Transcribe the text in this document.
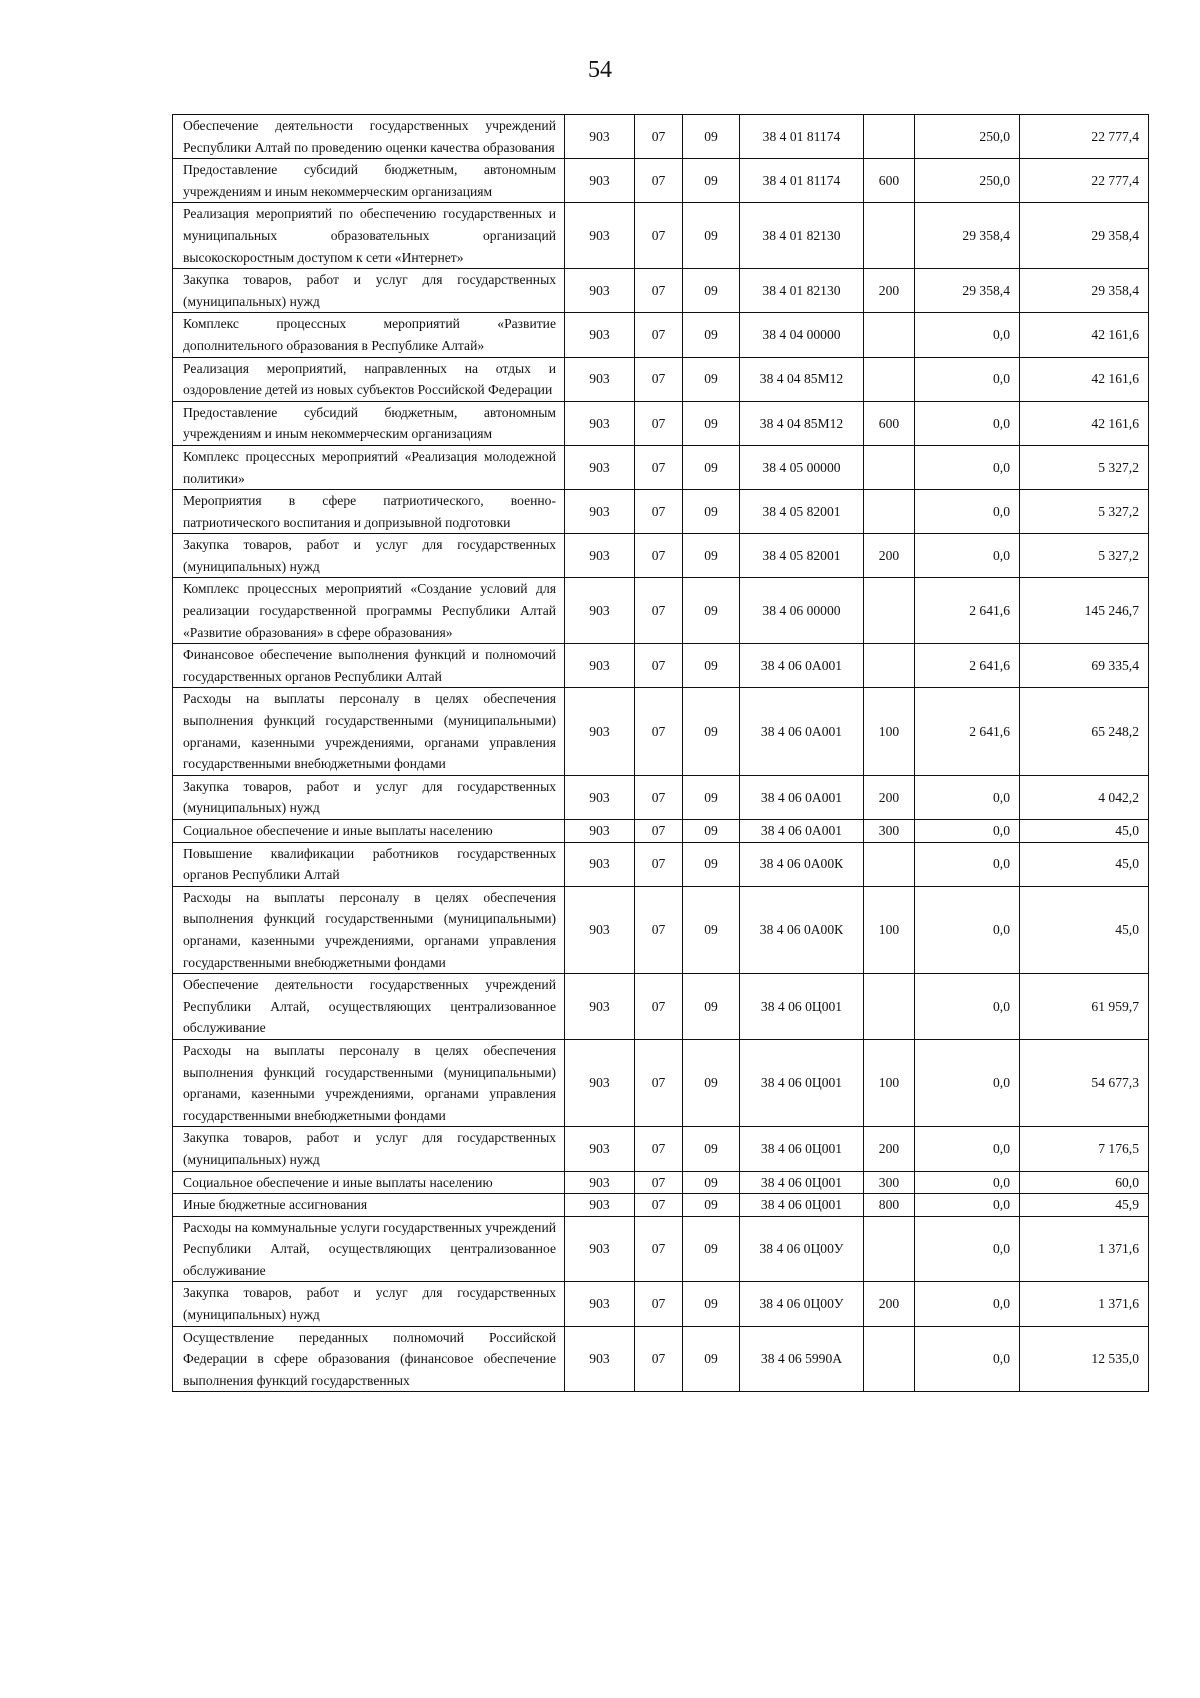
54
Обеспечение деятельности государственных учреждений Республики Алтай по проведению оценки качества образования	903	07	09	38 4 01 81174		250,0	22 777,4
Предоставление субсидий бюджетным, автономным учреждениям и иным некоммерческим организациям	903	07	09	38 4 01 81174	600	250,0	22 777,4
Реализация мероприятий по обеспечению государственных и муниципальных образовательных организаций высокоскоростным доступом к сети «Интернет»	903	07	09	38 4 01 82130		29 358,4	29 358,4
Закупка товаров, работ и услуг для государственных (муниципальных) нужд	903	07	09	38 4 01 82130	200	29 358,4	29 358,4
Комплекс процессных мероприятий «Развитие дополнительного образования в Республике Алтай»	903	07	09	38 4 04 00000		0,0	42 161,6
Реализация мероприятий, направленных на отдых и оздоровление детей из новых субъектов Российской Федерации	903	07	09	38 4 04 85М12		0,0	42 161,6
Предоставление субсидий бюджетным, автономным учреждениям и иным некоммерческим организациям	903	07	09	38 4 04 85М12	600	0,0	42 161,6
Комплекс процессных мероприятий «Реализация молодежной политики»	903	07	09	38 4 05 00000		0,0	5 327,2
Мероприятия в сфере патриотического, военно-патриотического воспитания и допризывной подготовки	903	07	09	38 4 05 82001		0,0	5 327,2
Закупка товаров, работ и услуг для государственных (муниципальных) нужд	903	07	09	38 4 05 82001	200	0,0	5 327,2
Комплекс процессных мероприятий «Создание условий для реализации государственной программы Республики Алтай «Развитие образования» в сфере образования»	903	07	09	38 4 06 00000		2 641,6	145 246,7
Финансовое обеспечение выполнения функций и полномочий государственных органов Республики Алтай	903	07	09	38 4 06 0А001		2 641,6	69 335,4
Расходы на выплаты персоналу в целях обеспечения выполнения функций государственными (муниципальными) органами, казенными учреждениями, органами управления государственными внебюджетными фондами	903	07	09	38 4 06 0А001	100	2 641,6	65 248,2
Закупка товаров, работ и услуг для государственных (муниципальных) нужд	903	07	09	38 4 06 0А001	200	0,0	4 042,2
Социальное обеспечение и иные выплаты населению	903	07	09	38 4 06 0А001	300	0,0	45,0
Повышение квалификации работников государственных органов Республики Алтай	903	07	09	38 4 06 0А00К		0,0	45,0
Расходы на выплаты персоналу в целях обеспечения выполнения функций государственными (муниципальными) органами, казенными учреждениями, органами управления государственными внебюджетными фондами	903	07	09	38 4 06 0А00К	100	0,0	45,0
Обеспечение деятельности государственных учреждений Республики Алтай, осуществляющих централизованное обслуживание	903	07	09	38 4 06 0Ц001		0,0	61 959,7
Расходы на выплаты персоналу в целях обеспечения выполнения функций государственными (муниципальными) органами, казенными учреждениями, органами управления государственными внебюджетными фондами	903	07	09	38 4 06 0Ц001	100	0,0	54 677,3
Закупка товаров, работ и услуг для государственных (муниципальных) нужд	903	07	09	38 4 06 0Ц001	200	0,0	7 176,5
Социальное обеспечение и иные выплаты населению	903	07	09	38 4 06 0Ц001	300	0,0	60,0
Иные бюджетные ассигнования	903	07	09	38 4 06 0Ц001	800	0,0	45,9
Расходы на коммунальные услуги государственных учреждений Республики Алтай, осуществляющих централизованное обслуживание	903	07	09	38 4 06 0Ц00У		0,0	1 371,6
Закупка товаров, работ и услуг для государственных (муниципальных) нужд	903	07	09	38 4 06 0Ц00У	200	0,0	1 371,6
Осуществление переданных полномочий Российской Федерации в сфере образования (финансовое обеспечение выполнения функций государственных	903	07	09	38 4 06 5990А		0,0	12 535,0
